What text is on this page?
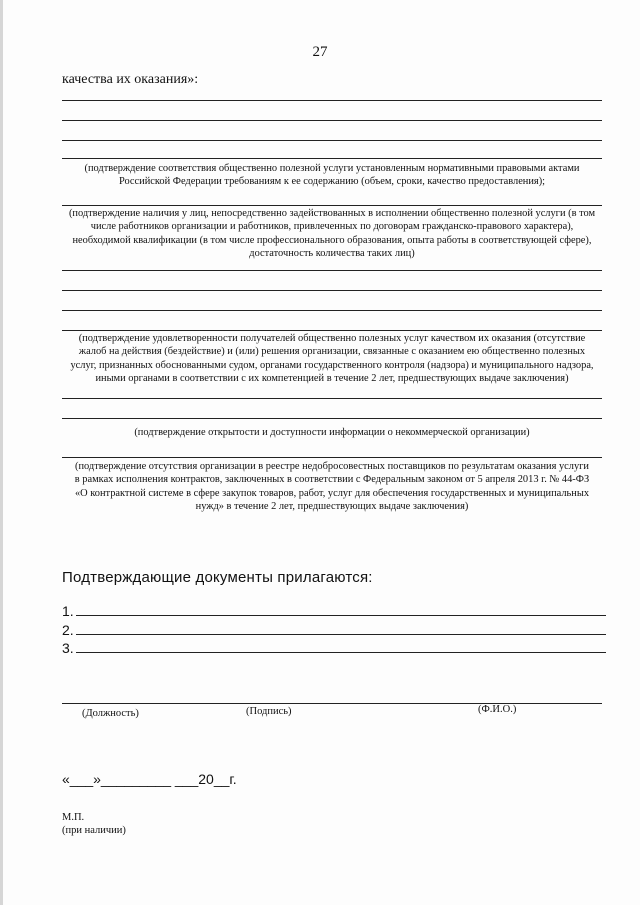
27
качества их оказания»:
(подтверждение соответствия общественно полезной услуги установленным нормативными правовыми актами
Российской Федерации требованиям к ее содержанию (объем, сроки, качество предоставления);
(подтверждение наличия у лиц, непосредственно задействованных в исполнении общественно полезной услуги (в том
числе работников организации и работников, привлеченных по договорам гражданско-правового характера),
необходимой квалификации (в том числе профессионального образования, опыта работы в соответствующей сфере),
достаточность количества таких лиц)
(подтверждение удовлетворенности получателей общественно полезных услуг качеством их оказания (отсутствие
жалоб на действия (бездействие) и (или) решения организации, связанные с оказанием ею общественно полезных
услуг, признанных обоснованными судом, органами государственного контроля (надзора) и муниципального надзора,
иными органами в соответствии с их компетенцией в течение 2 лет, предшествующих выдаче заключения)
(подтверждение открытости и доступности информации о некоммерческой организации)
(подтверждение отсутствия организации в реестре недобросовестных поставщиков по результатам оказания услуги
в рамках исполнения контрактов, заключенных в соответствии с Федеральным законом от 5 апреля 2013 г. № 44-ФЗ
«О контрактной системе в сфере закупок товаров, работ, услуг для обеспечения государственных и муниципальных
нужд» в течение 2 лет, предшествующих выдаче заключения)
Подтверждающие документы прилагаются:
1.
2.
3.
(Должность)	(Подпись)	(Ф.И.О.)
«___»_________ ___20__г.
М.П.
(при наличии)
